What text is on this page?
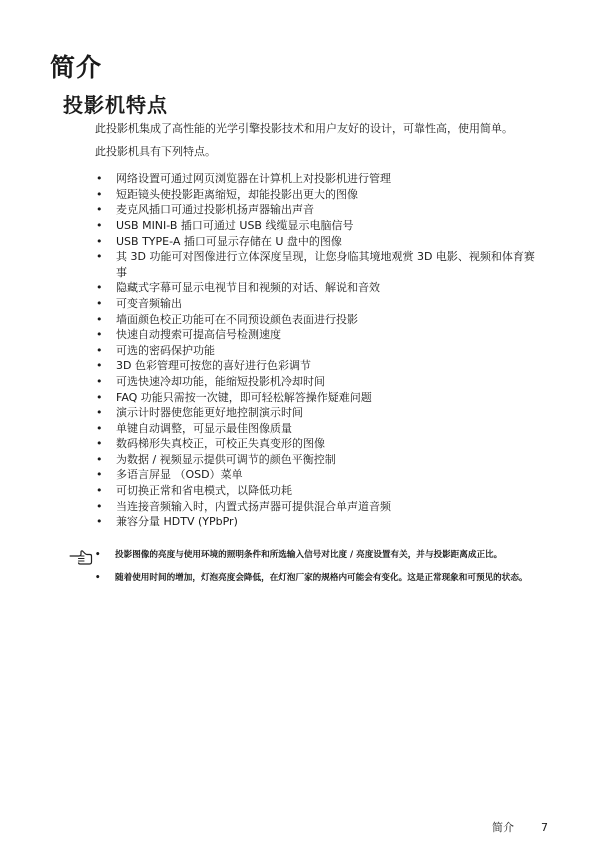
简介
投影机特点

此投影机集成了高性能的光学引擎投影技术和用户友好的设计，可靠性高，使用简单。

此投影机具有下列特点。

• 网络设置可通过网页浏览器在计算机上对投影机进行管理
• 短距镜头使投影距离缩短，却能投影出更大的图像
• 麦克风插口可通过投影机扬声器输出声音
• USB MINI-B 插口可通过 USB 线缆显示电脑信号
• USB TYPE-A 插口可显示存储在 U 盘中的图像
• 其 3D 功能可对图像进行立体深度呈现，让您身临其境地观赏 3D 电影、视频和体育赛事
• 隐藏式字幕可显示电视节目和视频的对话、解说和音效
• 可变音频输出
• 墙面颜色校正功能可在不同预设颜色表面进行投影
• 快速自动搜索可提高信号检测速度
• 可选的密码保护功能
• 3D 色彩管理可按您的喜好进行色彩调节
• 可选快速冷却功能，能缩短投影机冷却时间
• FAQ 功能只需按一次键，即可轻松解答操作疑难问题
• 演示计时器使您能更好地控制演示时间
• 单键自动调整，可显示最佳图像质量
• 数码梯形失真校正，可校正失真变形的图像
• 为数据 / 视频显示提供可调节的颜色平衡控制
• 多语言屏显 （OSD）菜单
• 可切换正常和省电模式，以降低功耗
• 当连接音频输入时，内置式扬声器可提供混合单声道音频
• 兼容分量 HDTV (YPbPr)
• 投影图像的亮度与使用环境的照明条件和所选输入信号对比度 / 亮度设置有关，并与投影距离成正比。
• 随着使用时间的增加，灯泡亮度会降低，在灯泡厂家的规格内可能会有变化。这是正常现象和可预见的状态。
简介 7
